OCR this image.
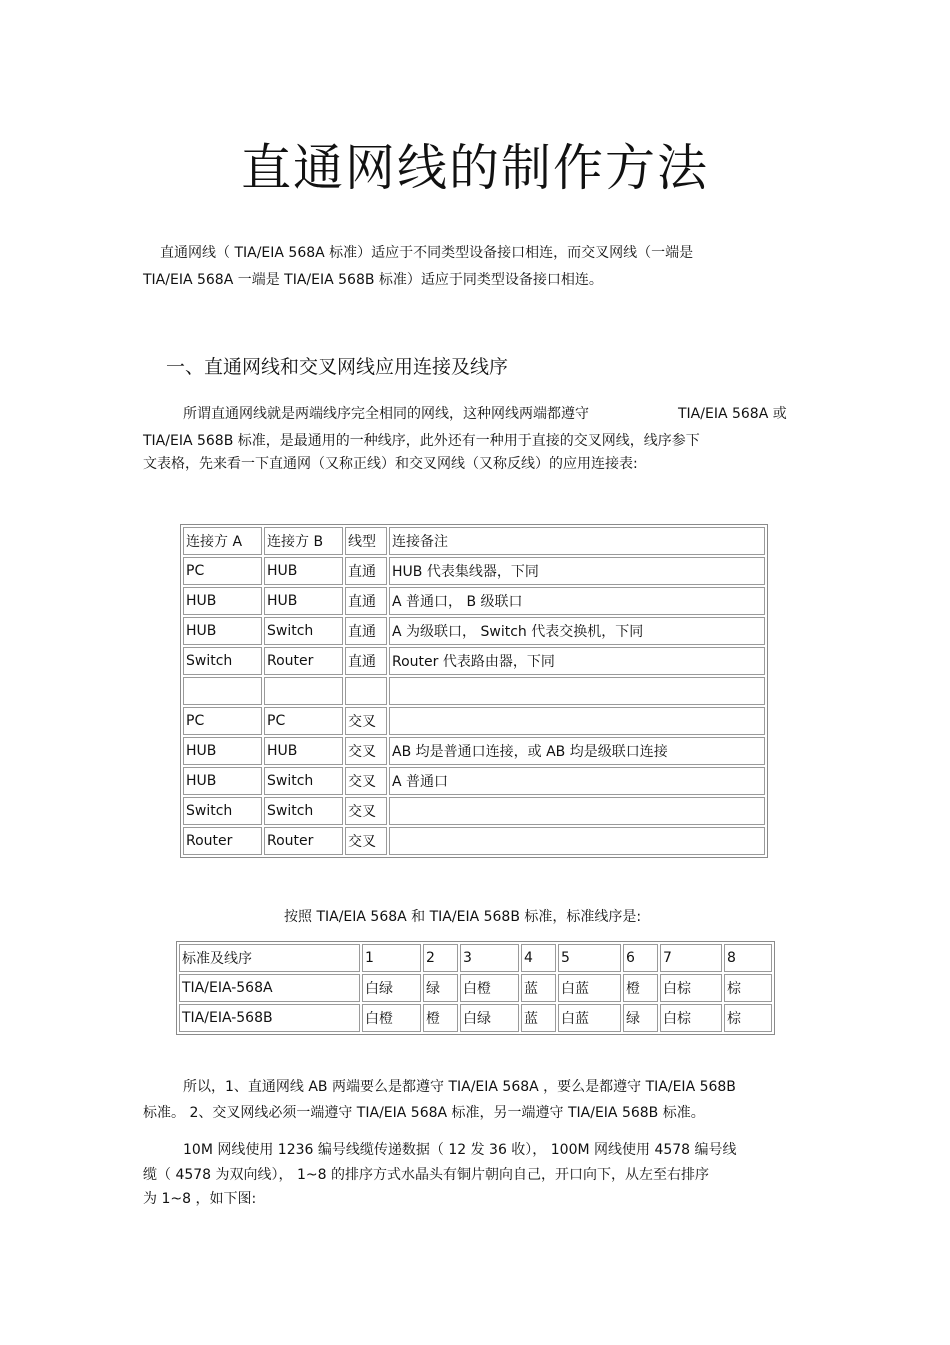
直通网线的制作方法
直通网线（ TIA/EIA 568A 标准）适应于不同类型设备接口相连，而交叉网线（一端是
TIA/EIA 568A 一端是 TIA/EIA 568B 标准）适应于同类型设备接口相连。
一、直通网线和交叉网线应用连接及线序
所谓直通网线就是两端线序完全相同的网线，这种网线两端都遵守	TIA/EIA 568A 或
TIA/EIA 568B 标准，是最通用的一种线序，此外还有一种用于直接的交叉网线，线序参下
文表格，先来看一下直通网（又称正线）和交叉网线（又称反线）的应用连接表:
连接方 A	连接方 B	线型	连接备注
PC	HUB	直通	HUB 代表集线器，下同
HUB	HUB	直通	A 普通口， B 级联口
HUB	Switch	直通	A 为级联口， Switch 代表交换机，下同
Switch	Router	直通	Router 代表路由器，下同

PC	PC	交叉	
HUB	HUB	交叉	AB 均是普通口连接，或 AB 均是级联口连接
HUB	Switch	交叉	A 普通口
Switch	Switch	交叉	
Router	Router	交叉	
按照 TIA/EIA 568A 和 TIA/EIA 568B 标准，标准线序是:
标准及线序	1	2	3	4	5	6	7	8
TIA/EIA-568A	白绿	绿	白橙	蓝	白蓝	橙	白棕	棕
TIA/EIA-568B	白橙	橙	白绿	蓝	白蓝	绿	白棕	棕
所以，1、直通网线 AB 两端要么是都遵守 TIA/EIA 568A ，要么是都遵守 TIA/EIA 568B
标准。 2、交叉网线必须一端遵守 TIA/EIA 568A 标准，另一端遵守 TIA/EIA 568B 标准。
10M 网线使用 1236 编号线缆传递数据（ 12 发 36 收）， 100M 网线使用 4578 编号线
缆（ 4578 为双向线）， 1~8 的排序方式水晶头有铜片朝向自己，开口向下，从左至右排序
为 1~8 ，如下图:
